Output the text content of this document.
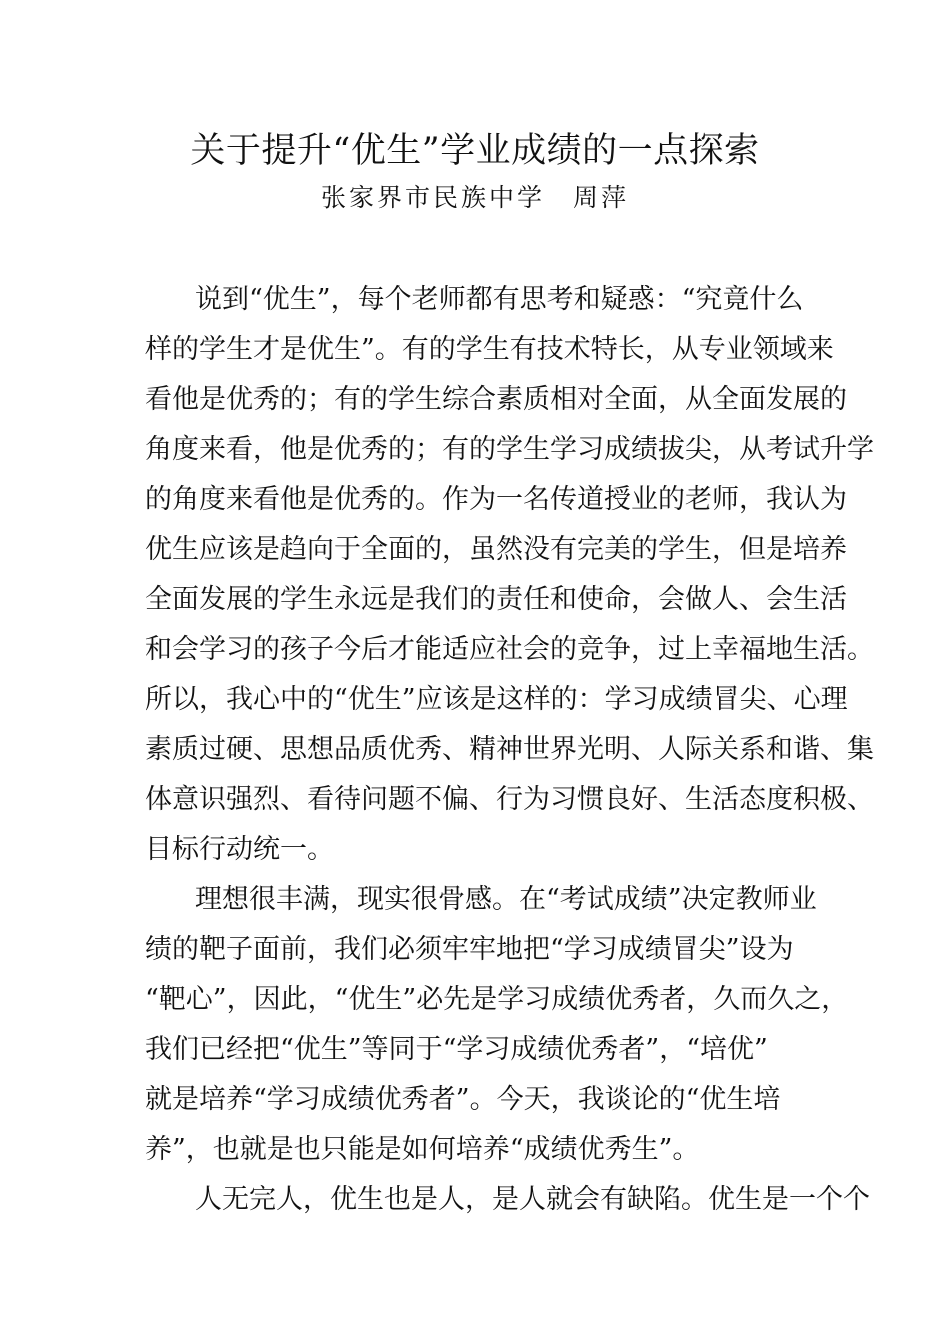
关于提升“优生”学业成绩的一点探索
张家界市民族中学　周萍
说到“优生”，每个老师都有思考和疑惑：“究竟什么
样的学生才是优生”。有的学生有技术特长，从专业领域来
看他是优秀的；有的学生综合素质相对全面，从全面发展的
角度来看，他是优秀的；有的学生学习成绩拔尖，从考试升学
的角度来看他是优秀的。作为一名传道授业的老师，我认为
优生应该是趋向于全面的，虽然没有完美的学生，但是培养
全面发展的学生永远是我们的责任和使命，会做人、会生活
和会学习的孩子今后才能适应社会的竞争，过上幸福地生活。
所以，我心中的“优生”应该是这样的：学习成绩冒尖、心理
素质过硬、思想品质优秀、精神世界光明、人际关系和谐、集
体意识强烈、看待问题不偏、行为习惯良好、生活态度积极、
目标行动统一。
理想很丰满，现实很骨感。在“考试成绩”决定教师业
绩的靶子面前，我们必须牢牢地把“学习成绩冒尖”设为
“靶心”，因此，“优生”必先是学习成绩优秀者，久而久之，
我们已经把“优生”等同于“学习成绩优秀者”，“培优”
就是培养“学习成绩优秀者”。今天，我谈论的“优生培
养”，也就是也只能是如何培养“成绩优秀生”。
人无完人，优生也是人，是人就会有缺陷。优生是一个个
